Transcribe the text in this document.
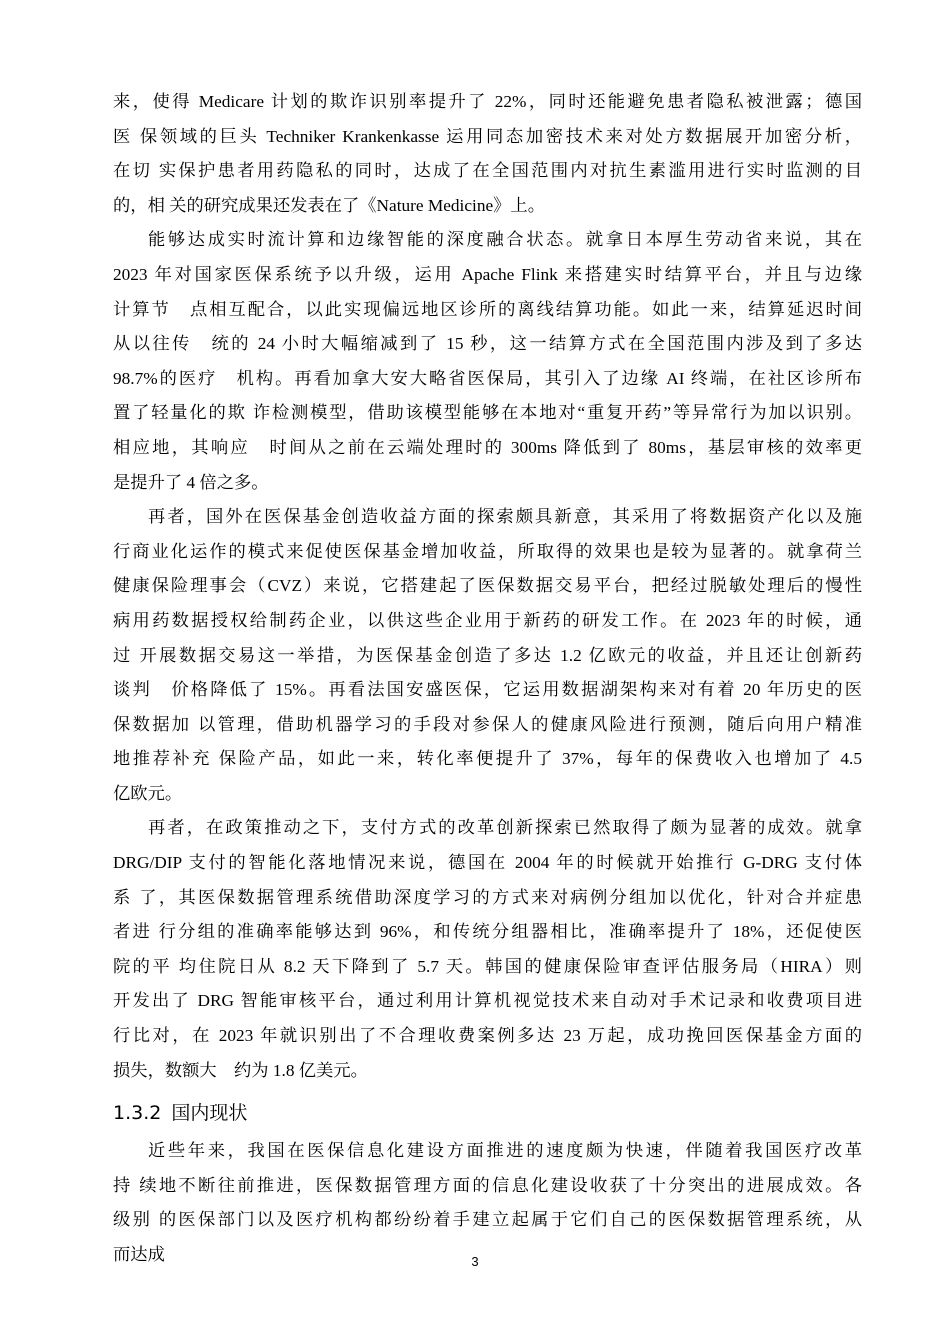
来，使得 Medicare 计划的欺诈识别率提升了 22%，同时还能避免患者隐私被泄露；德国
医 保领域的巨头 Techniker Krankenkasse 运用同态加密技术来对处方数据展开加密分析，
在切 实保护患者用药隐私的同时，达成了在全国范围内对抗生素滥用进行实时监测的目
的，相 关的研究成果还发表在了《Nature Medicine》上。
能够达成实时流计算和边缘智能的深度融合状态。就拿日本厚生劳动省来说，其在
2023 年对国家医保系统予以升级，运用 Apache Flink 来搭建实时结算平台，并且与边缘
计算节　点相互配合，以此实现偏远地区诊所的离线结算功能。如此一来，结算延迟时间
从以往传　统的 24 小时大幅缩减到了 15 秒，这一结算方式在全国范围内涉及到了多达
98.7%的医疗　机构。再看加拿大安大略省医保局，其引入了边缘 AI 终端，在社区诊所布
置了轻量化的欺 诈检测模型，借助该模型能够在本地对“重复开药”等异常行为加以识别。
相应地，其响应　时间从之前在云端处理时的 300ms 降低到了 80ms，基层审核的效率更
是提升了 4 倍之多。
再者，国外在医保基金创造收益方面的探索颇具新意，其采用了将数据资产化以及施
行商业化运作的模式来促使医保基金增加收益，所取得的效果也是较为显著的。就拿荷兰
健康保险理事会（CVZ）来说，它搭建起了医保数据交易平台，把经过脱敏处理后的慢性
病用药数据授权给制药企业，以供这些企业用于新药的研发工作。在 2023 年的时候，通
过 开展数据交易这一举措，为医保基金创造了多达 1.2 亿欧元的收益，并且还让创新药
谈判　价格降低了 15%。再看法国安盛医保，它运用数据湖架构来对有着 20 年历史的医
保数据加 以管理，借助机器学习的手段对参保人的健康风险进行预测，随后向用户精准
地推荐补充 保险产品，如此一来，转化率便提升了 37%，每年的保费收入也增加了 4.5
亿欧元。
再者，在政策推动之下，支付方式的改革创新探索已然取得了颇为显著的成效。就拿
DRG/DIP 支付的智能化落地情况来说，德国在 2004 年的时候就开始推行 G-DRG 支付体
系 了，其医保数据管理系统借助深度学习的方式来对病例分组加以优化，针对合并症患
者进 行分组的准确率能够达到 96%，和传统分组器相比，准确率提升了 18%，还促使医
院的平 均住院日从 8.2 天下降到了 5.7 天。韩国的健康保险审查评估服务局（HIRA）则
开发出了 DRG 智能审核平台，通过利用计算机视觉技术来自动对手术记录和收费项目进
行比对，在 2023 年就识别出了不合理收费案例多达 23 万起，成功挽回医保基金方面的
损失，数额大　约为 1.8 亿美元。
1.3.2 国内现状
近些年来，我国在医保信息化建设方面推进的速度颇为快速，伴随着我国医疗改革
持 续地不断往前推进，医保数据管理方面的信息化建设收获了十分突出的进展成效。各
级别 的医保部门以及医疗机构都纷纷着手建立起属于它们自己的医保数据管理系统，从
而达成	3
